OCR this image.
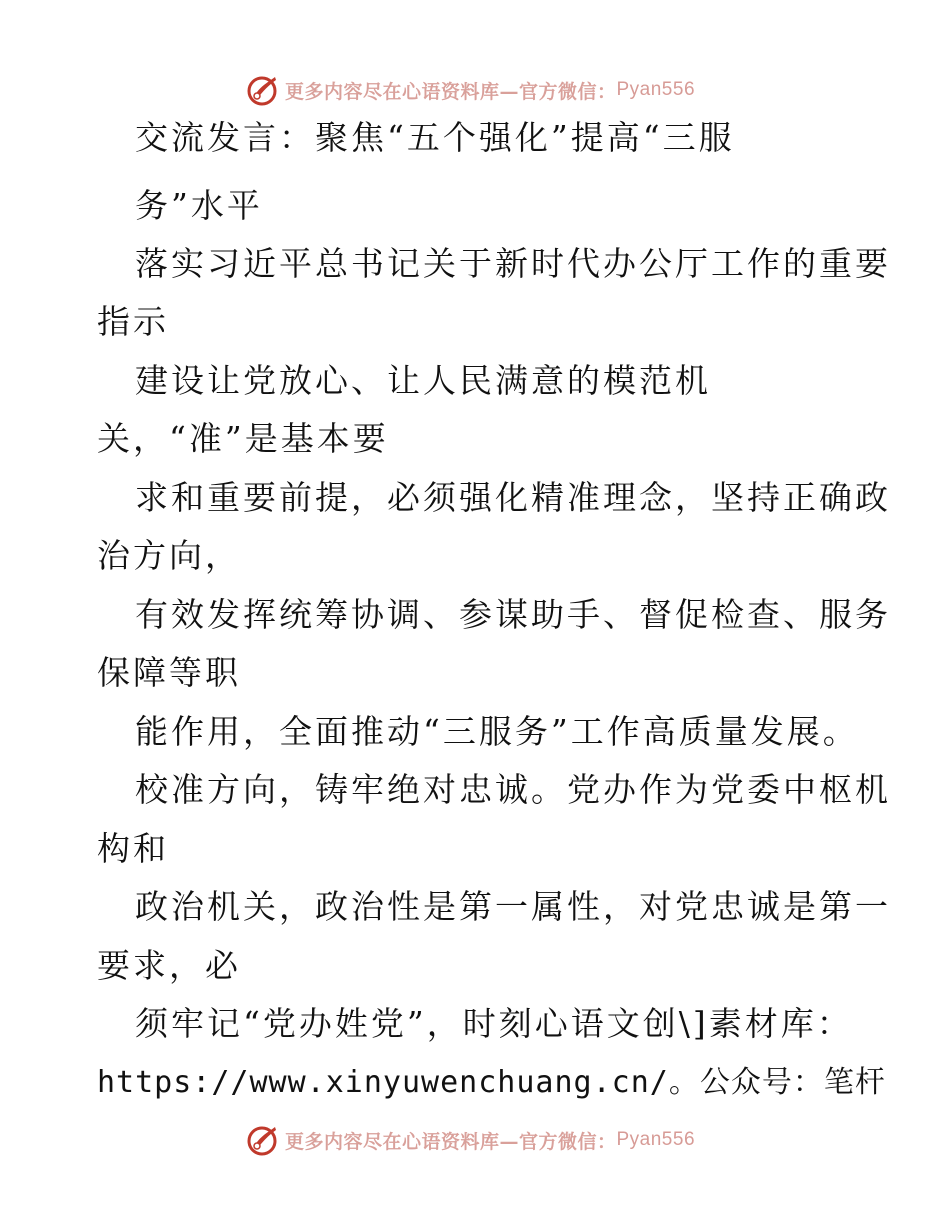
更多内容尽在心语资料库—官方微信： Pyan556
交流发言：聚焦“五个强化”提高“三服
务”水平
落实习近平总书记关于新时代办公厅工作的重要
指示
建设让党放心、让人民满意的模范机
关，“准”是基本要
求和重要前提，必须强化精准理念，坚持正确政
治方向，
有效发挥统筹协调、参谋助手、督促检查、服务
保障等职
能作用，全面推动“三服务”工作高质量发展。
校准方向，铸牢绝对忠诚。党办作为党委中枢机
构和
政治机关，政治性是第一属性，对党忠诚是第一
要求，必
须牢记“党办姓党”，时刻心语文创\]素材库：
https://www.xinyuwenchuang.cn/。公众号：笔杆
更多内容尽在心语资料库—官方微信： Pyan556
